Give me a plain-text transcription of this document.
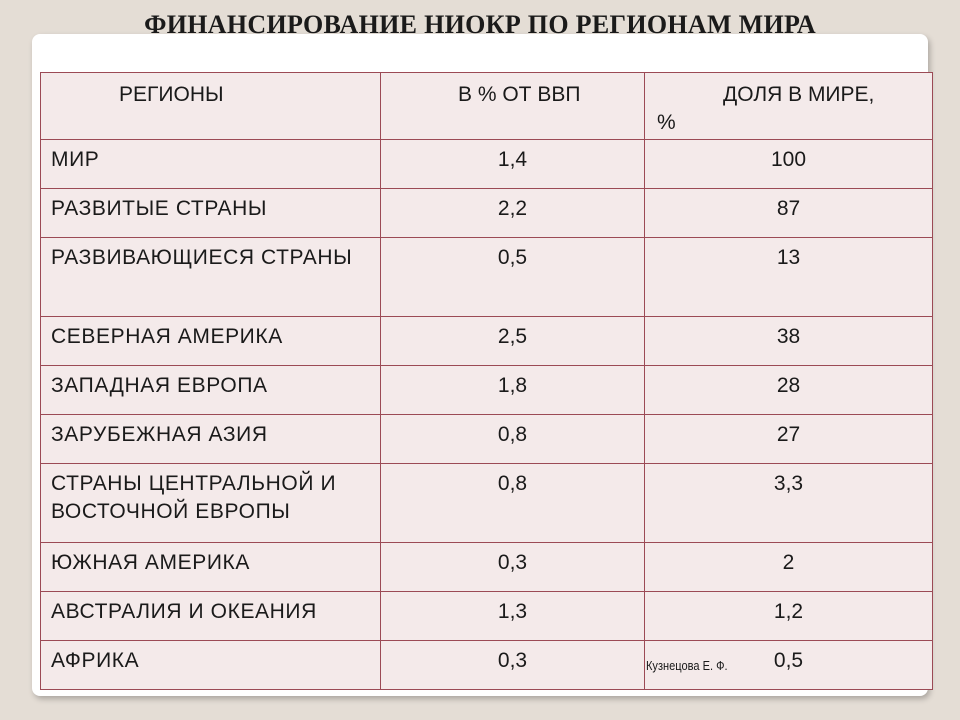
ФИНАНСИРОВАНИЕ НИОКР ПО РЕГИОНАМ МИРА
РЕГИОНЫ	В % ОТ ВВП	ДОЛЯ В МИРЕ,
%

МИР	1,4	100
РАЗВИТЫЕ СТРАНЫ	2,2	87
РАЗВИВАЮЩИЕСЯ СТРАНЫ	0,5	13
СЕВЕРНАЯ АМЕРИКА	2,5	38
ЗАПАДНАЯ ЕВРОПА	1,8	28
ЗАРУБЕЖНАЯ АЗИЯ	0,8	27
СТРАНЫ ЦЕНТРАЛЬНОЙ И ВОСТОЧНОЙ ЕВРОПЫ	0,8	3,3
ЮЖНАЯ АМЕРИКА	0,3	2
АВСТРАЛИЯ И ОКЕАНИЯ	1,3	1,2
АФРИКА	0,3	0,5
Кузнецова Е. Ф.
